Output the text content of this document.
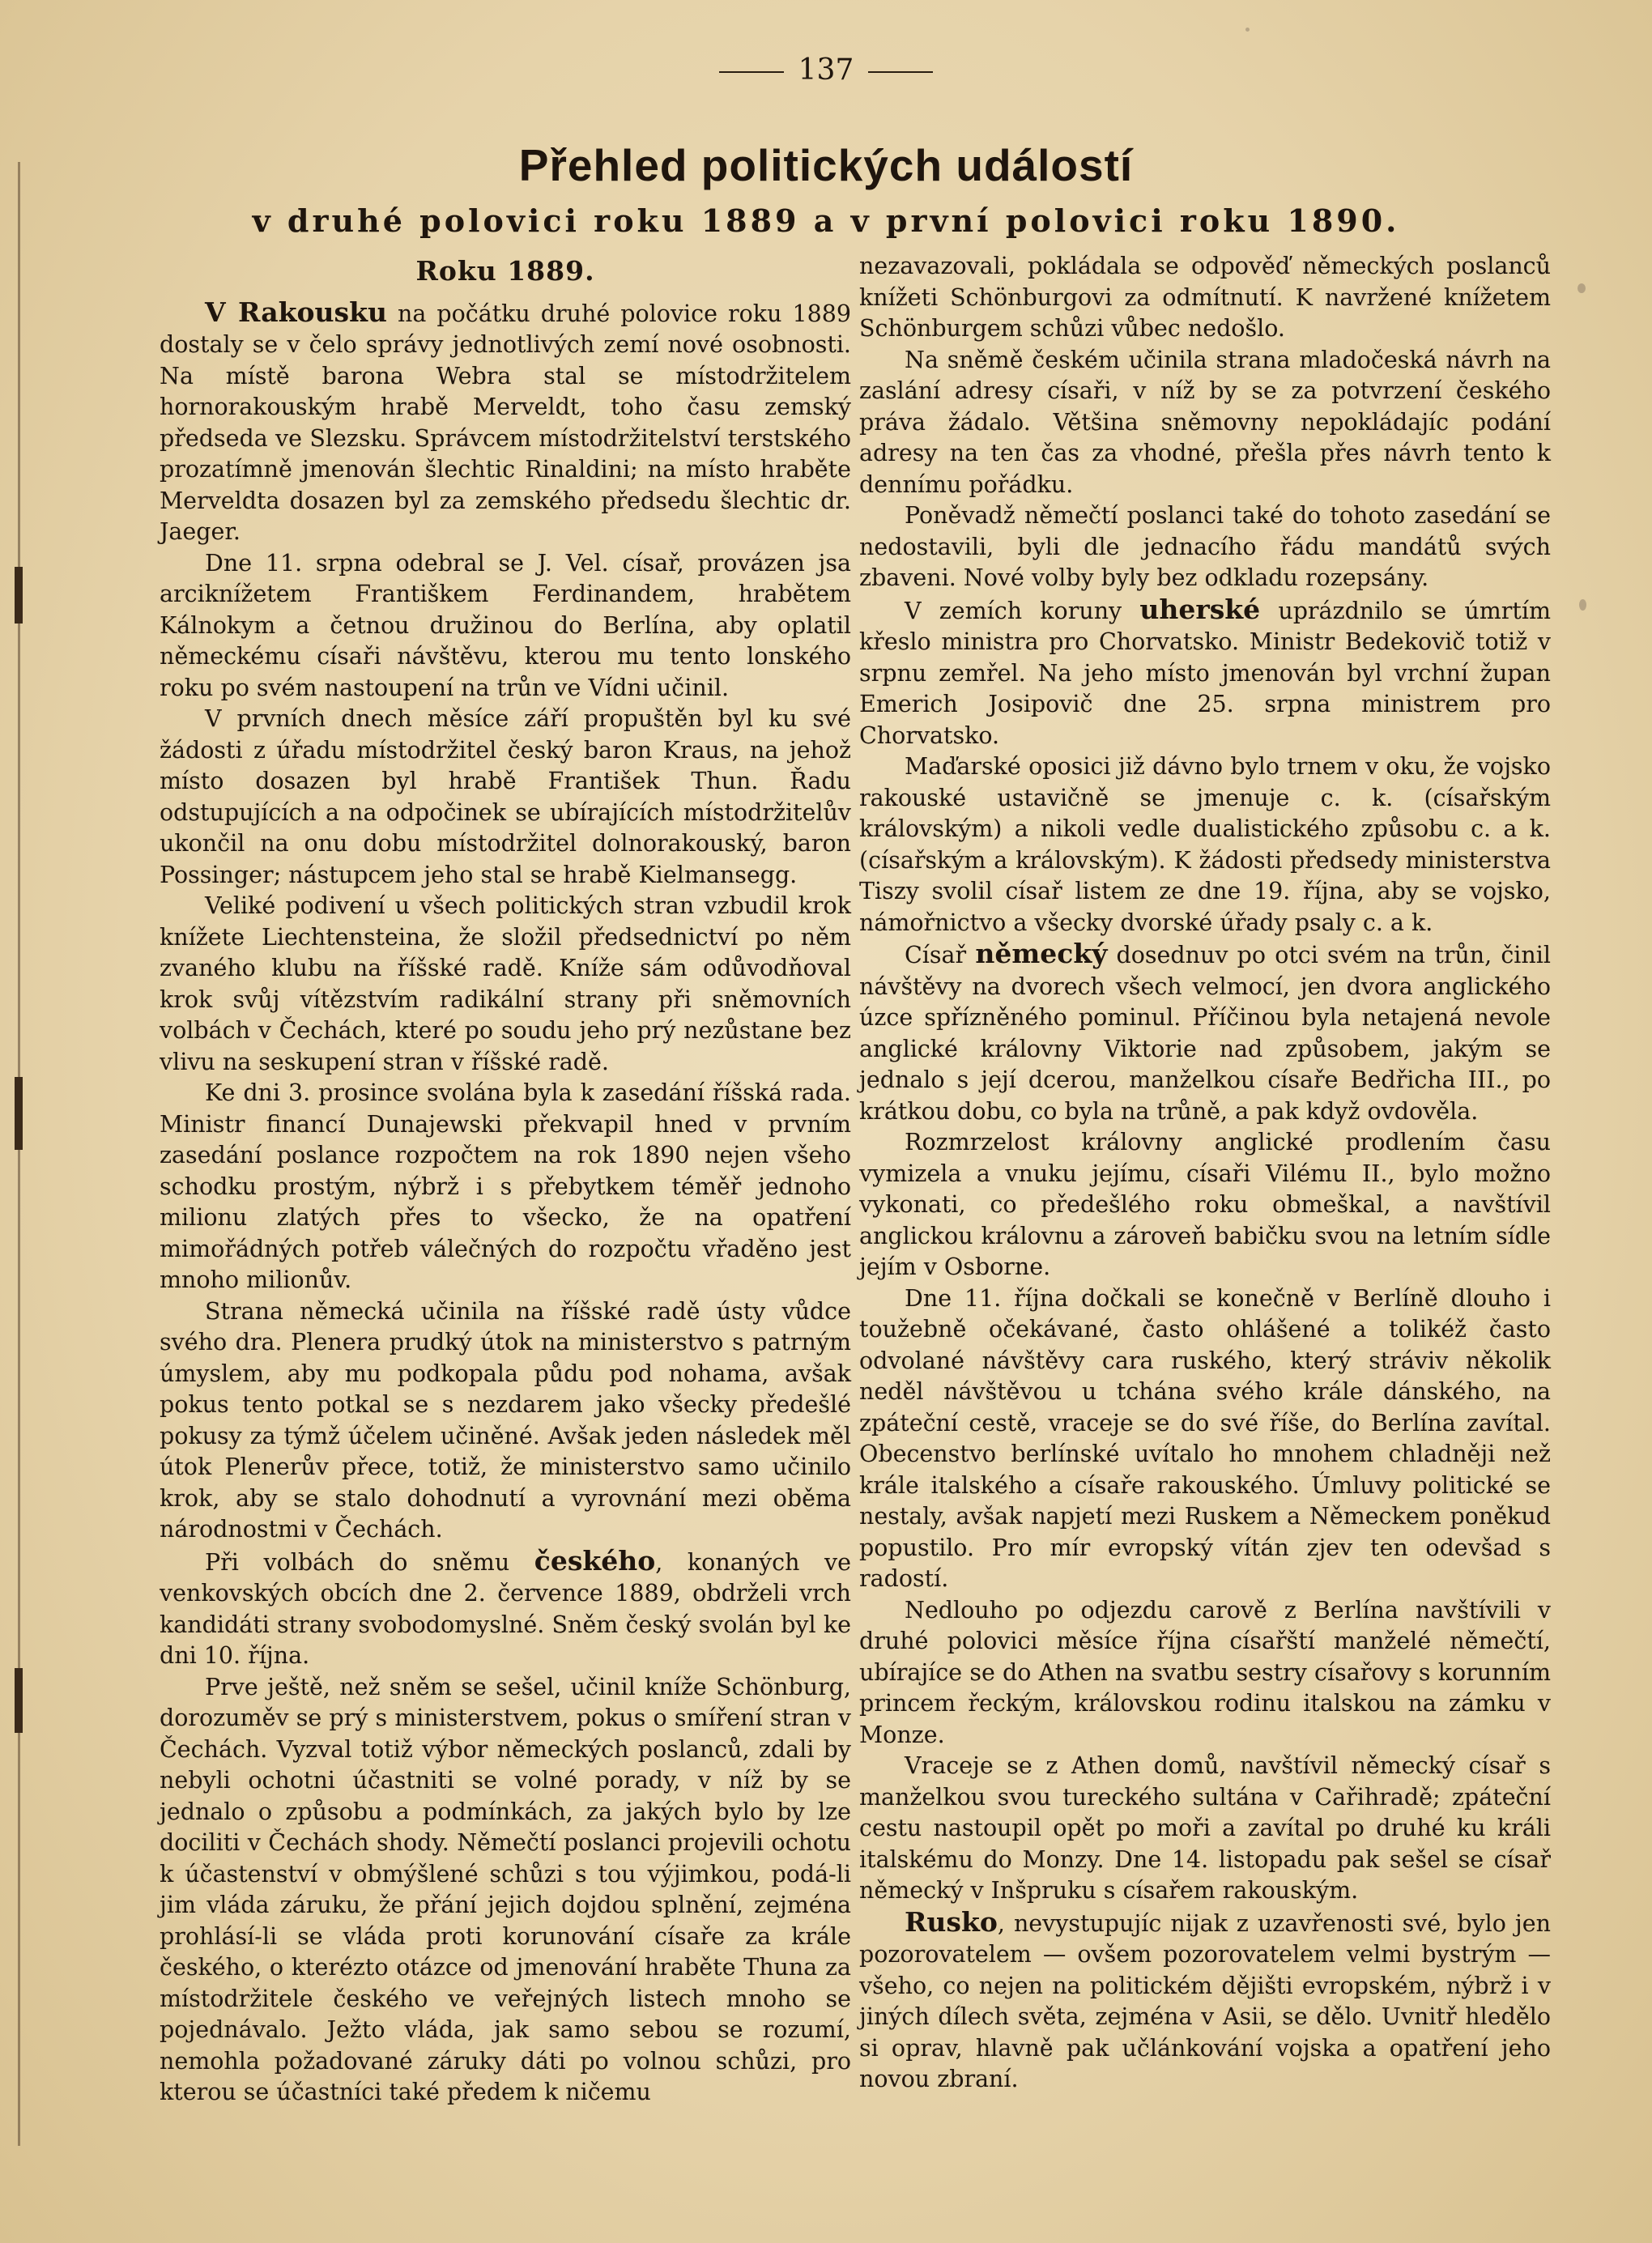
137
Přehled politických událostí
v druhé polovici roku 1889 a v první polovici roku 1890.
Roku 1889.

V Rakousku na počátku druhé polovice roku 1889 dostaly se v čelo správy jednotlivých zemí nové osobnosti. Na místě barona Webra stal se místodržitelem hornorakouským hrabě Merveldt, toho času zemský předseda ve Slezsku. Správcem místodržitelství terstského prozatímně jmenován šlechtic Rinaldini; na místo hraběte Merveldta dosazen byl za zemského předsedu šlechtic dr. Jaeger.

Dne 11. srpna odebral se J. Vel. císař, provázen jsa arciknížetem Františkem Ferdinandem, hrabětem Kálnokym a četnou družinou do Berlína, aby oplatil německému císaři návštěvu, kterou mu tento lonského roku po svém nastoupení na trůn ve Vídni učinil.

V prvních dnech měsíce září propuštěn byl ku své žádosti z úřadu místodržitel český baron Kraus, na jehož místo dosazen byl hrabě František Thun. Řadu odstupujících a na odpočinek se ubírajících místodržitelův ukončil na onu dobu místodržitel dolnorakouský, baron Possinger; nástupcem jeho stal se hrabě Kielmansegg.

Veliké podivení u všech politických stran vzbudil krok knížete Liechtensteina, že složil předsednictví po něm zvaného klubu na říšské radě. Kníže sám odůvodňoval krok svůj vítězstvím radikální strany při sněmovních volbách v Čechách, které po soudu jeho prý nezůstane bez vlivu na seskupení stran v říšské radě.

Ke dni 3. prosince svolána byla k zasedání říšská rada. Ministr financí Dunajewski překvapil hned v prvním zasedání poslance rozpočtem na rok 1890 nejen všeho schodku prostým, nýbrž i s přebytkem téměř jednoho milionu zlatých přes to všecko, že na opatření mimořádných potřeb válečných do rozpočtu vřaděno jest mnoho milionův.

Strana německá učinila na říšské radě ústy vůdce svého dra. Plenera prudký útok na ministerstvo s patrným úmyslem, aby mu podkopala půdu pod nohama, avšak pokus tento potkal se s nezdarem jako všecky předešlé pokusy za týmž účelem učiněné. Avšak jeden následek měl útok Plenerův přece, totiž, že ministerstvo samo učinilo krok, aby se stalo dohodnutí a vyrovnání mezi oběma národnostmi v Čechách.

Při volbách do sněmu českého, konaných ve venkovských obcích dne 2. července 1889, obdrželi vrch kandidáti strany svobodomyslné. Sněm český svolán byl ke dni 10. října.

Prve ještě, než sněm se sešel, učinil kníže Schönburg, dorozuměv se prý s ministerstvem, pokus o smíření stran v Čechách. Vyzval totiž výbor německých poslanců, zdali by nebyli ochotni účastniti se volné porady, v níž by se jednalo o způsobu a podmínkách, za jakých bylo by lze dociliti v Čechách shody. Němečtí poslanci projevili ochotu k účastenství v obmýšlené schůzi s tou výjimkou, podá-li jim vláda záruku, že přání jejich dojdou splnění, zejména prohlásí-li se vláda proti korunování císaře za krále českého, o kterézto otázce od jmenování hraběte Thuna za místodržitele českého ve veřejných listech mnoho se pojednávalo. Ježto vláda, jak samo sebou se rozumí, nemohla požadované záruky dáti po volnou schůzi, pro kterou se účastníci také předem k ničemu

nezavazovali, pokládala se odpověď německých poslanců knížeti Schönburgovi za odmítnutí. K navržené knížetem Schönburgem schůzi vůbec nedošlo.

Na sněmě českém učinila strana mladočeská návrh na zaslání adresy císaři, v níž by se za potvrzení českého práva žádalo. Většina sněmovny nepokládajíc podání adresy na ten čas za vhodné, přešla přes návrh tento k dennímu pořádku.

Poněvadž němečtí poslanci také do tohoto zasedání se nedostavili, byli dle jednacího řádu mandátů svých zbaveni. Nové volby byly bez odkladu rozepsány.

V zemích koruny uherské uprázdnilo se úmrtím křeslo ministra pro Chorvatsko. Ministr Bedekovič totiž v srpnu zemřel. Na jeho místo jmenován byl vrchní župan Emerich Josipovič dne 25. srpna ministrem pro Chorvatsko.

Maďarské oposici již dávno bylo trnem v oku, že vojsko rakouské ustavičně se jmenuje c. k. (císařským královským) a nikoli vedle dualistického způsobu c. a k. (císařským a královským). K žádosti předsedy ministerstva Tiszy svolil císař listem ze dne 19. října, aby se vojsko, námořnictvo a všecky dvorské úřady psaly c. a k.

Císař německý dosednuv po otci svém na trůn, činil návštěvy na dvorech všech velmocí, jen dvora anglického úzce spřízněného pominul. Příčinou byla netajená nevole anglické královny Viktorie nad způsobem, jakým se jednalo s její dcerou, manželkou císaře Bedřicha III., po krátkou dobu, co byla na trůně, a pak když ovdověla.

Rozmrzelost královny anglické prodlením času vymizela a vnuku jejímu, císaři Vilému II., bylo možno vykonati, co předešlého roku obmeškal, a navštívil anglickou královnu a zároveň babičku svou na letním sídle jejím v Osborne.

Dne 11. října dočkali se konečně v Berlíně dlouho i toužebně očekávané, často ohlášené a tolikéž často odvolané návštěvy cara ruského, který stráviv několik neděl návštěvou u tchána svého krále dánského, na zpáteční cestě, vraceje se do své říše, do Berlína zavítal. Obecenstvo berlínské uvítalo ho mnohem chladněji než krále italského a císaře rakouského. Úmluvy politické se nestaly, avšak napjetí mezi Ruskem a Německem poněkud popustilo. Pro mír evropský vítán zjev ten odevšad s radostí.

Nedlouho po odjezdu carově z Berlína navštívili v druhé polovici měsíce října císařští manželé němečtí, ubírajíce se do Athen na svatbu sestry císařovy s korunním princem řeckým, královskou rodinu italskou na zámku v Monze.

Vraceje se z Athen domů, navštívil německý císař s manželkou svou tureckého sultána v Cařihradě; zpáteční cestu nastoupil opět po moři a zavítal po druhé ku králi italskému do Monzy. Dne 14. listopadu pak sešel se císař německý v Inšpruku s císařem rakouským.

Rusko, nevystupujíc nijak z uzavřenosti své, bylo jen pozorovatelem — ovšem pozorovatelem velmi bystrým — všeho, co nejen na politickém dějišti evropském, nýbrž i v jiných dílech světa, zejména v Asii, se dělo. Uvnitř hledělo si oprav, hlavně pak učlánkování vojska a opatření jeho novou zbraní.
